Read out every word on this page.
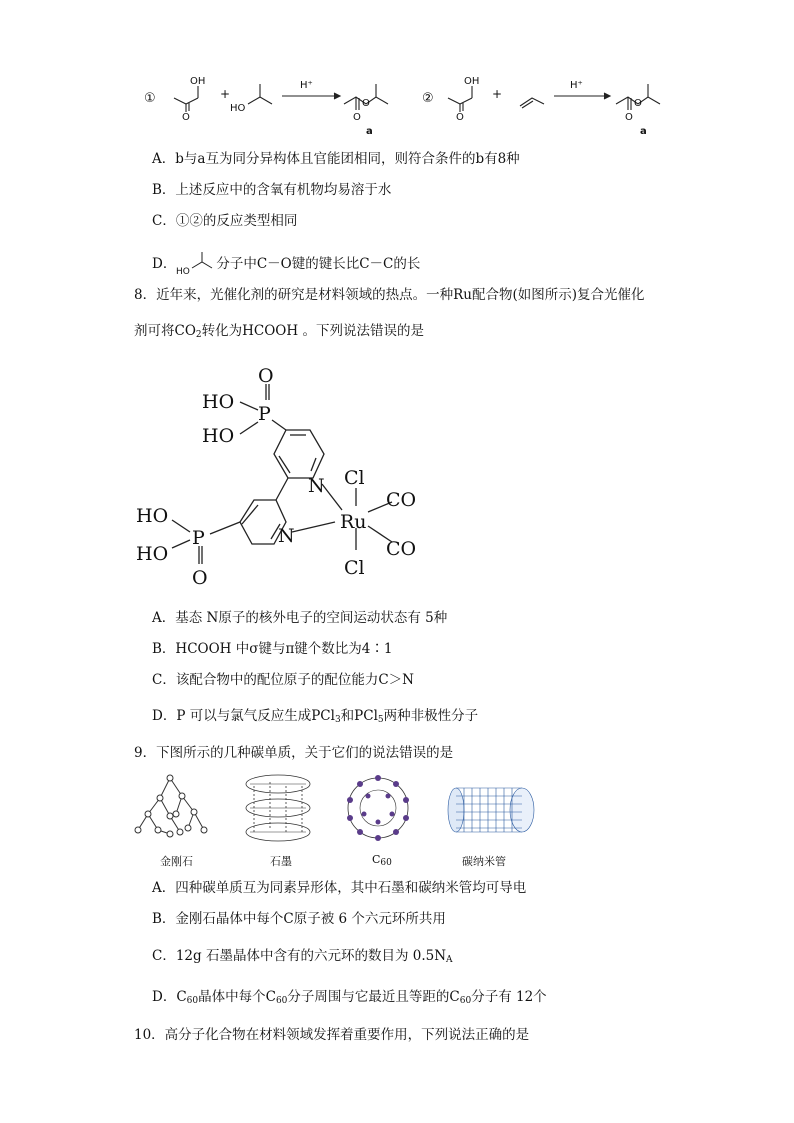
①
OH
O
+
HO
H⁺
O
O
a
②
OH
O
+
H⁺
O
O
a
A．b与a互为同分异构体且官能团相同，则符合条件的b有8种
B．上述反应中的含氧有机物均易溶于水
C．①②的反应类型相同
D． HO 分子中C－O键的键长比C－C的长
8．近年来，光催化剂的研究是材料领域的热点。一种Ru配合物(如图所示)复合光催化
剂可将$CO_2$转化为HCOOH 。下列说法错误的是
O
HO
P
HO
N Cl
CO
HO
P
Ru
N
HO	CO
O	Cl
A．基态 N原子的核外电子的空间运动状态有 5种
B．HCOOH 中σ键与π键个数比为4∶1
C．该配合物中的配位原子的配位能力C＞N
D．P 可以与氯气反应生成PCl$_3$和PCl$_5$两种非极性分子
9．下图所示的几种碳单质，关于它们的说法错误的是
金刚石	石墨	$C_{60}$	碳纳米管
A．四种碳单质互为同素异形体，其中石墨和碳纳米管均可导电
B．金刚石晶体中每个C原子被 6 个六元环所共用
C．12g 石墨晶体中含有的六元环的数目为 $0.5N_A$
D．$C_{60}$晶体中每个$C_{60}$分子周围与它最近且等距的$C_{60}$分子有 12个
10．高分子化合物在材料领域发挥着重要作用，下列说法正确的是
